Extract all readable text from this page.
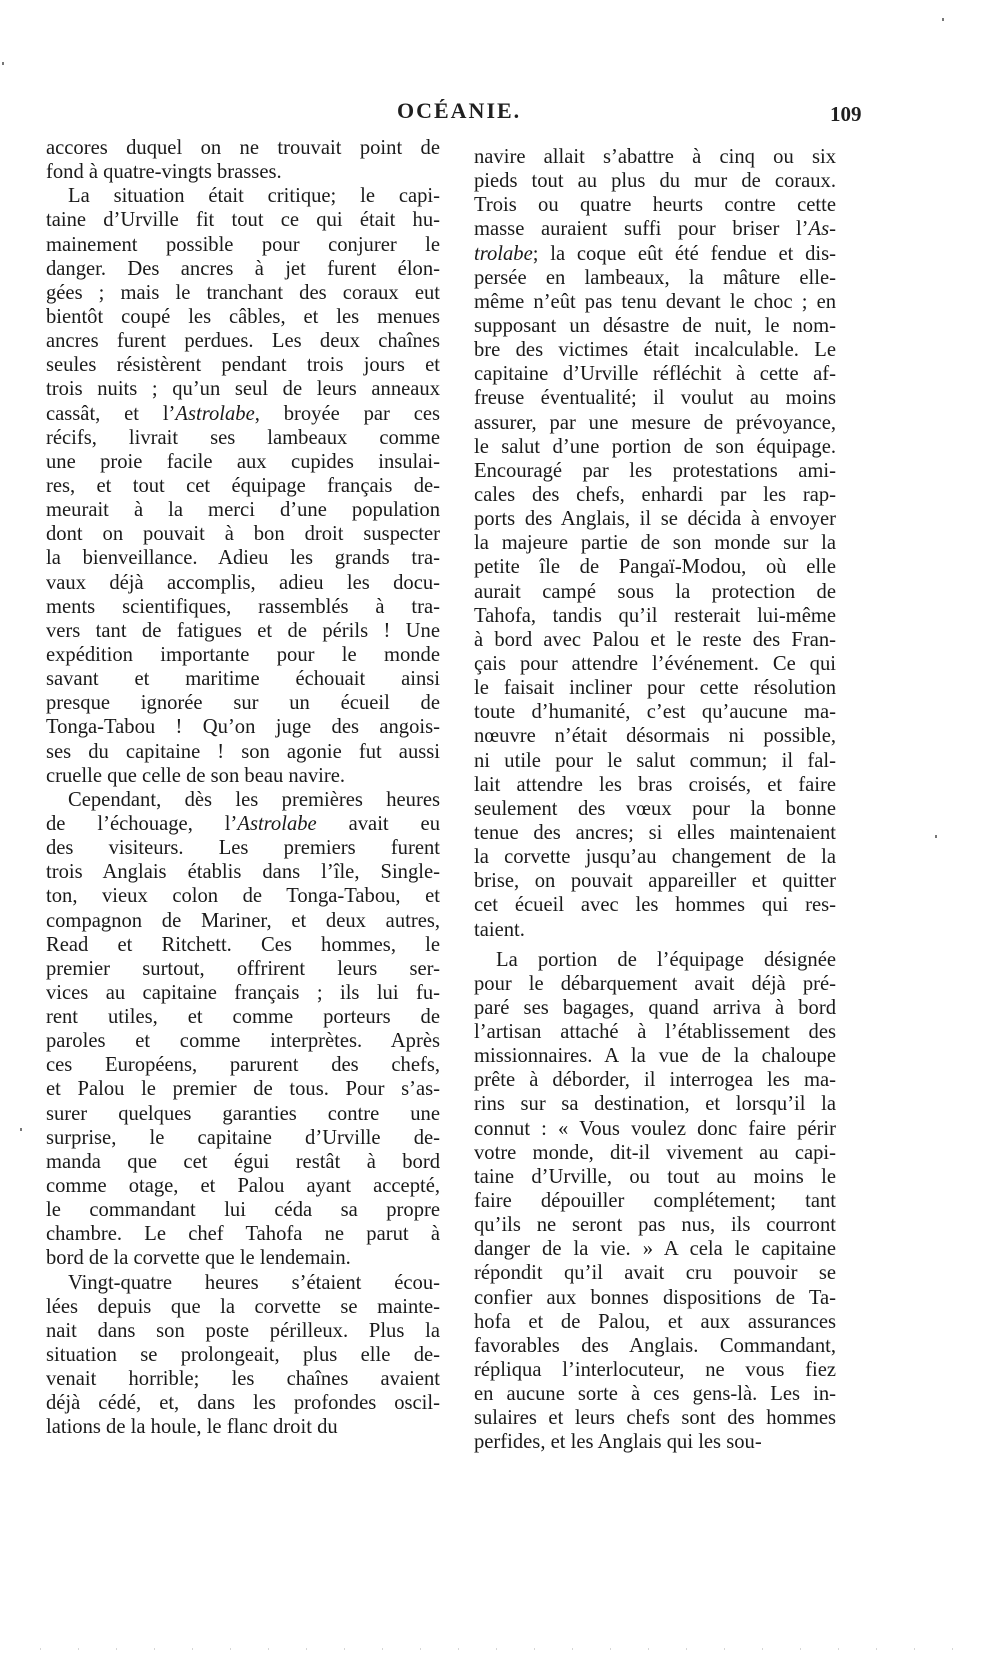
OCÉANIE.	109
accores duquel on ne trouvait point de
fond à quatre-vingts brasses.
La situation était critique; le capi-
taine d’Urville fit tout ce qui était hu-
mainement possible pour conjurer le
danger. Des ancres à jet furent élon-
gées ; mais le tranchant des coraux eut
bientôt coupé les câbles, et les menues
ancres furent perdues. Les deux chaînes
seules résistèrent pendant trois jours et
trois nuits ; qu’un seul de leurs anneaux
cassât, et l’Astrolabe, broyée par ces
récifs, livrait ses lambeaux comme
une proie facile aux cupides insulai-
res, et tout cet équipage français de-
meurait à la merci d’une population
dont on pouvait à bon droit suspecter
la bienveillance. Adieu les grands tra-
vaux déjà accomplis, adieu les docu-
ments scientifiques, rassemblés à tra-
vers tant de fatigues et de périls ! Une
expédition importante pour le monde
savant et maritime échouait ainsi
presque ignorée sur un écueil de
Tonga-Tabou ! Qu’on juge des angois-
ses du capitaine ! son agonie fut aussi
cruelle que celle de son beau navire.
Cependant, dès les premières heures
de l’échouage, l’Astrolabe avait eu
des visiteurs. Les premiers furent
trois Anglais établis dans l’île, Single-
ton, vieux colon de Tonga-Tabou, et
compagnon de Mariner, et deux autres,
Read et Ritchett. Ces hommes, le
premier surtout, offrirent leurs ser-
vices au capitaine français ; ils lui fu-
rent utiles, et comme porteurs de
paroles et comme interprètes. Après
ces Européens, parurent des chefs,
et Palou le premier de tous. Pour s’as-
surer quelques garanties contre une
surprise, le capitaine d’Urville de-
manda que cet égui restât à bord
comme otage, et Palou ayant accepté,
le commandant lui céda sa propre
chambre. Le chef Tahofa ne parut à
bord de la corvette que le lendemain.
Vingt-quatre heures s’étaient écou-
lées depuis que la corvette se mainte-
nait dans son poste périlleux. Plus la
situation se prolongeait, plus elle de-
venait horrible; les chaînes avaient
déjà cédé, et, dans les profondes oscil-
lations de la houle, le flanc droit du
navire allait s’abattre à cinq ou six
pieds tout au plus du mur de coraux.
Trois ou quatre heurts contre cette
masse auraient suffi pour briser l’As-
trolabe; la coque eût été fendue et dis-
persée en lambeaux, la mâture elle-
même n’eût pas tenu devant le choc ; en
supposant un désastre de nuit, le nom-
bre des victimes était incalculable. Le
capitaine d’Urville réfléchit à cette af-
freuse éventualité; il voulut au moins
assurer, par une mesure de prévoyance,
le salut d’une portion de son équipage.
Encouragé par les protestations ami-
cales des chefs, enhardi par les rap-
ports des Anglais, il se décida à envoyer
la majeure partie de son monde sur la
petite île de Pangaï-Modou, où elle
aurait campé sous la protection de
Tahofa, tandis qu’il resterait lui-même
à bord avec Palou et le reste des Fran-
çais pour attendre l’événement. Ce qui
le faisait incliner pour cette résolution
toute d’humanité, c’est qu’aucune ma-
nœuvre n’était désormais ni possible,
ni utile pour le salut commun; il fal-
lait attendre les bras croisés, et faire
seulement des vœux pour la bonne
tenue des ancres; si elles maintenaient
la corvette jusqu’au changement de la
brise, on pouvait appareiller et quitter
cet écueil avec les hommes qui res-
taient.
La portion de l’équipage désignée
pour le débarquement avait déjà pré-
paré ses bagages, quand arriva à bord
l’artisan attaché à l’établissement des
missionnaires. A la vue de la chaloupe
prête à déborder, il interrogea les ma-
rins sur sa destination, et lorsqu’il la
connut : « Vous voulez donc faire périr
votre monde, dit-il vivement au capi-
taine d’Urville, ou tout au moins le
faire dépouiller complétement; tant
qu’ils ne seront pas nus, ils courront
danger de la vie. » A cela le capitaine
répondit qu’il avait cru pouvoir se
confier aux bonnes dispositions de Ta-
hofa et de Palou, et aux assurances
favorables des Anglais. Commandant,
répliqua l’interlocuteur, ne vous fiez
en aucune sorte à ces gens-là. Les in-
sulaires et leurs chefs sont des hommes
perfides, et les Anglais qui les sou-
